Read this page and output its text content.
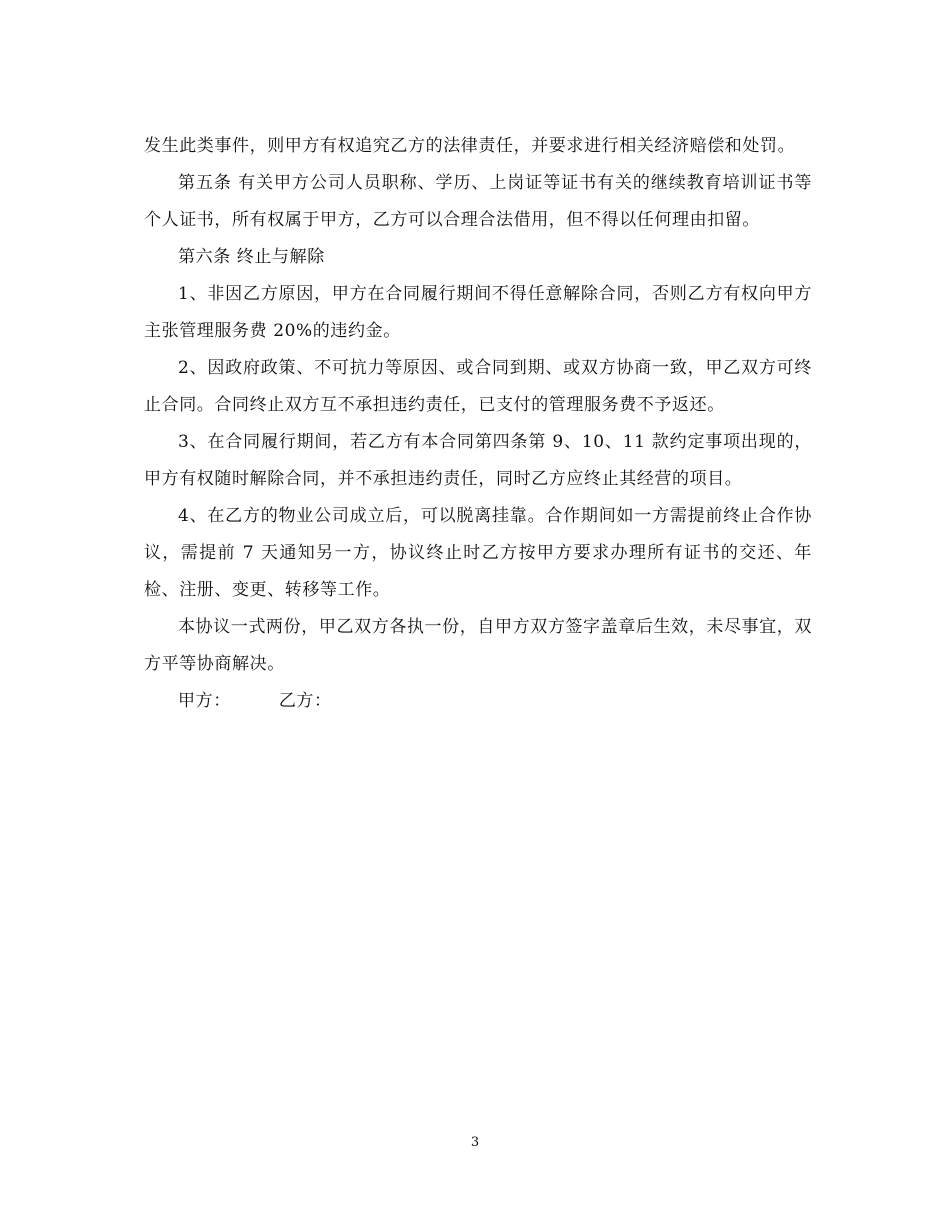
发生此类事件，则甲方有权追究乙方的法律责任，并要求进行相关经济赔偿和处罚。

第五条 有关甲方公司人员职称、学历、上岗证等证书有关的继续教育培训证书等个人证书，所有权属于甲方，乙方可以合理合法借用，但不得以任何理由扣留。

第六条 终止与解除

1、非因乙方原因，甲方在合同履行期间不得任意解除合同，否则乙方有权向甲方主张管理服务费 20%的违约金。

2、因政府政策、不可抗力等原因、或合同到期、或双方协商一致，甲乙双方可终止合同。合同终止双方互不承担违约责任，已支付的管理服务费不予返还。

3、在合同履行期间，若乙方有本合同第四条第 9、10、11 款约定事项出现的，甲方有权随时解除合同，并不承担违约责任，同时乙方应终止其经营的项目。

4、在乙方的物业公司成立后，可以脱离挂靠。合作期间如一方需提前终止合作协议，需提前 7 天通知另一方，协议终止时乙方按甲方要求办理所有证书的交还、年检、注册、变更、转移等工作。

本协议一式两份，甲乙双方各执一份，自甲方双方签字盖章后生效，未尽事宜，双方平等协商解决。

甲方：	乙方：

3
